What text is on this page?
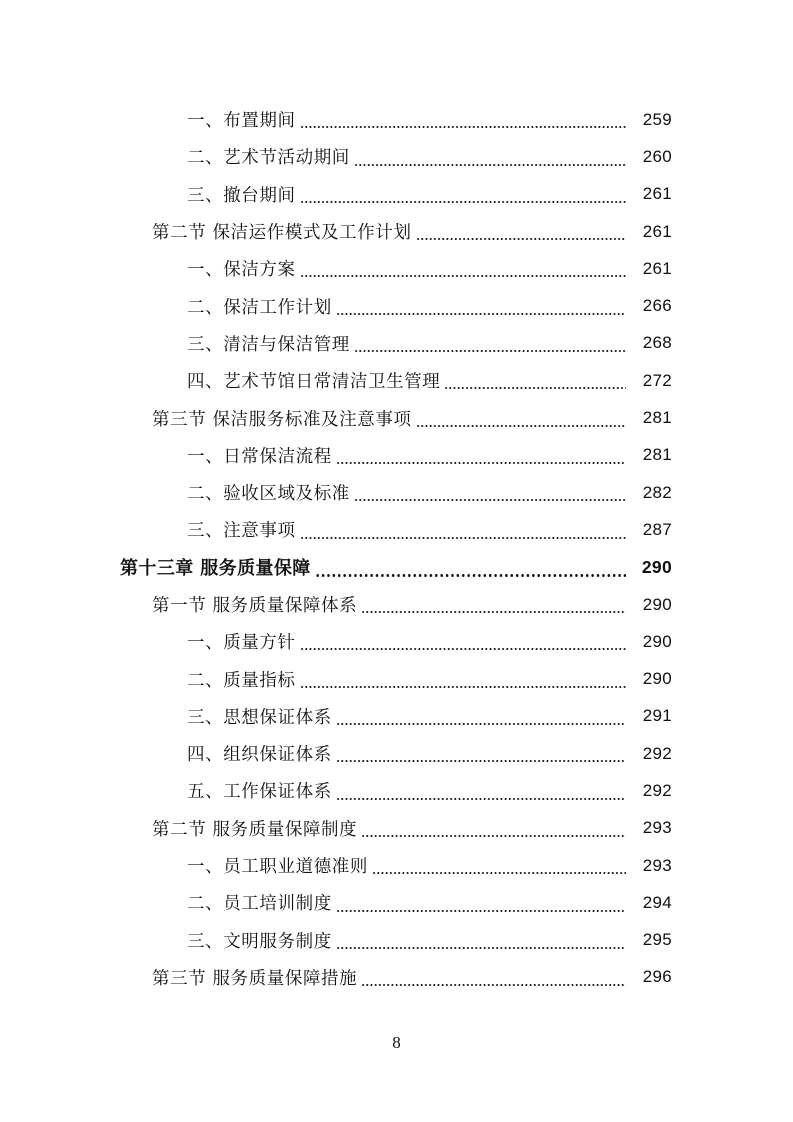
一、布置期间	259
二、艺术节活动期间	260
三、撤台期间	261
第二节 保洁运作模式及工作计划	261
一、保洁方案	261
二、保洁工作计划	266
三、清洁与保洁管理	268
四、艺术节馆日常清洁卫生管理	272
第三节 保洁服务标准及注意事项	281
一、日常保洁流程	281
二、验收区域及标准	282
三、注意事项	287
第十三章 服务质量保障	290
第一节 服务质量保障体系	290
一、质量方针	290
二、质量指标	290
三、思想保证体系	291
四、组织保证体系	292
五、工作保证体系	292
第二节 服务质量保障制度	293
一、员工职业道德准则	293
二、员工培训制度	294
三、文明服务制度	295
第三节 服务质量保障措施	296
8
